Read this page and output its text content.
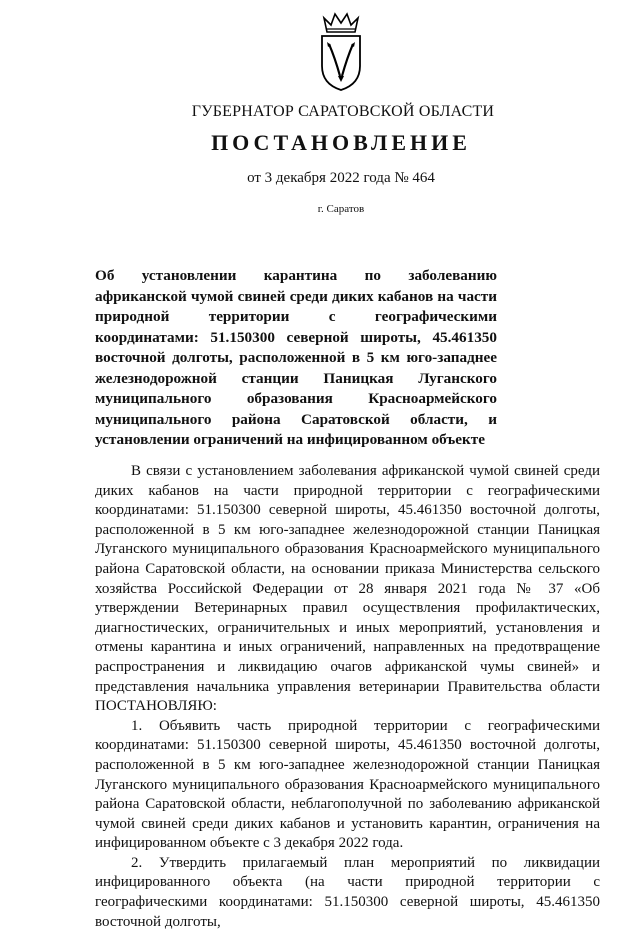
ГУБЕРНАТОР САРАТОВСКОЙ ОБЛАСТИ
ПОСТАНОВЛЕНИЕ
от 3 декабря 2022 года № 464
г. Саратов
Об установлении карантина по заболеванию африканской чумой свиней среди диких кабанов на части природной территории с географическими координатами: 51.150300 северной широты, 45.461350 восточной долготы, расположенной в 5 км юго-западнее железнодорожной станции Паницкая Луганского муниципального образования Красноармейского муниципального района Саратовской области, и установлении ограничений на инфицированном объекте

В связи с установлением заболевания африканской чумой свиней среди диких кабанов на части природной территории с географическими координатами: 51.150300 северной широты, 45.461350 восточной долготы, расположенной в 5 км юго-западнее железнодорожной станции Паницкая Луганского муниципального образования Красноармейского муниципального района Саратовской области, на основании приказа Министерства сельского хозяйства Российской Федерации от 28 января 2021 года № 37 «Об утверждении Ветеринарных правил осуществления профилактических, диагностических, ограничительных и иных мероприятий, установления и отмены карантина и иных ограничений, направленных на предотвращение распространения и ликвидацию очагов африканской чумы свиней» и представления начальника управления ветеринарии Правительства области ПОСТАНОВЛЯЮ:

1. Объявить часть природной территории с географическими координатами: 51.150300 северной широты, 45.461350 восточной долготы, расположенной в 5 км юго-западнее железнодорожной станции Паницкая Луганского муниципального образования Красноармейского муниципального района Саратовской области, неблагополучной по заболеванию африканской чумой свиней среди диких кабанов и установить карантин, ограничения на инфицированном объекте с 3 декабря 2022 года.

2. Утвердить прилагаемый план мероприятий по ликвидации инфицированного объекта (на части природной территории с географическими координатами: 51.150300 северной широты, 45.461350 восточной долготы,
